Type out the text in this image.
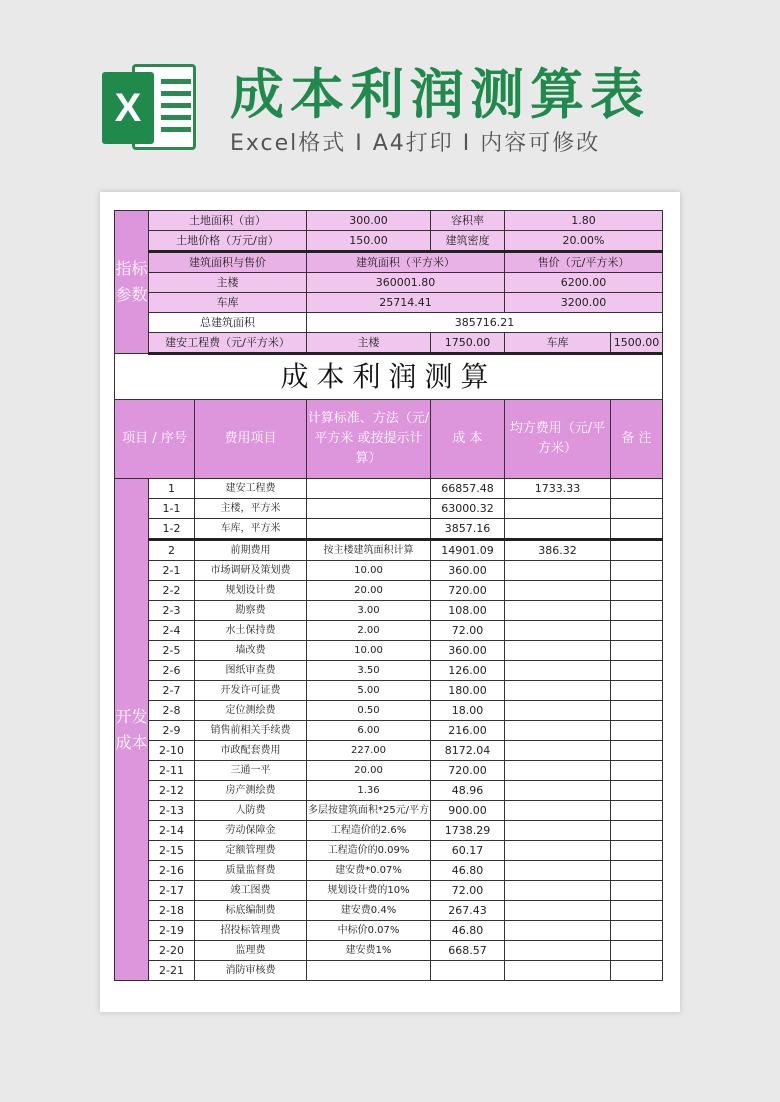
X 成本利润测算表
Excel格式 I A4打印 I 内容可修改
指标参数	土地面积（亩）		300.00	容积率	1.80	
	土地价格（万元/亩）		150.00	建筑密度	20.00%	
	建筑面积与售价		建筑面积（平方米）		售价（元/平方米）	
	主楼		360001.80		6200.00	
	车库		25714.41		3200.00	
	总建筑面积		385716.21			
	建安工程费（元/平方米）		主楼	1750.00	车库	1500.00
成本利润测算						
项目 / 序号		费用项目	计算标准、方法（元/平方米 或按提示计算）	成 本	均方费用（元/平方米）	备 注
开发成本	1	建安工程费		66857.48	1733.33	
	1-1	主楼，平方米		63000.32		
	1-2	车库，平方米		3857.16		
	2	前期费用	按主楼建筑面积计算	14901.09	386.32	
	2-1	市场调研及策划费	10.00	360.00		
	2-2	规划设计费	20.00	720.00		
	2-3	勘察费	3.00	108.00		
	2-4	水土保持费	2.00	72.00		
	2-5	墙改费	10.00	360.00		
	2-6	图纸审查费	3.50	126.00		
	2-7	开发许可证费	5.00	180.00		
	2-8	定位测绘费	0.50	18.00		
	2-9	销售前相关手续费	6.00	216.00		
	2-10	市政配套费用	227.00	8172.04		
	2-11	三通一平	20.00	720.00		
	2-12	房产测绘费	1.36	48.96		
	2-13	人防费	多层按建筑面积*25元/平方	900.00		
	2-14	劳动保障金	工程造价的2.6%	1738.29		
	2-15	定额管理费	工程造价的0.09%	60.17		
	2-16	质量监督费	建安费*0.07%	46.80		
	2-17	竣工图费	规划设计费的10%	72.00		
	2-18	标底编制费	建安费0.4%	267.43		
	2-19	招投标管理费	中标价0.07%	46.80		
	2-20	监理费	建安费1%	668.57		
	2-21	消防审核费				
